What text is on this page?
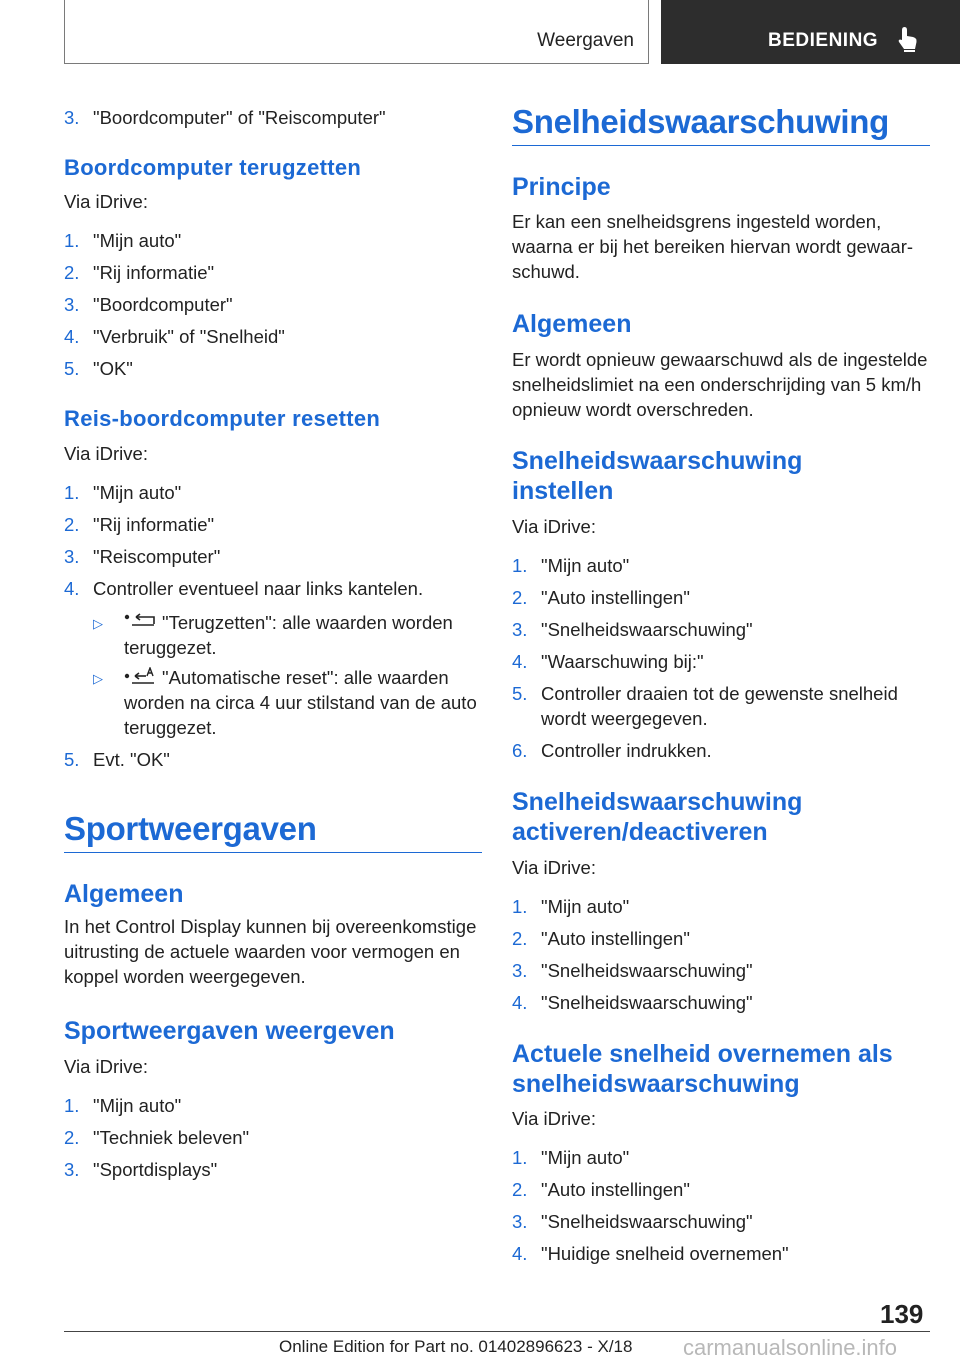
Weergaven	BEDIENING
3. "Boordcomputer" of "Reiscomputer"
Boordcomputer terugzetten
Via iDrive:
1. "Mijn auto"
2. "Rij informatie"
3. "Boordcomputer"
4. "Verbruik" of "Snelheid"
5. "OK"
Reis-boordcomputer resetten
Via iDrive:
1. "Mijn auto"
2. "Rij informatie"
3. "Reiscomputer"
4. Controller eventueel naar links kantelen.
▷	"Terugzetten": alle waarden worden teruggezet.
▷	"Automatische reset": alle waarden worden na circa 4 uur stilstand van de auto teruggezet.
5. Evt. "OK"
Sportweergaven
Algemeen
In het Control Display kunnen bij overeenkomstige uitrusting de actuele waarden voor vermogen en koppel worden weergegeven.
Sportweergaven weergeven
Via iDrive:
1. "Mijn auto"
2. "Techniek beleven"
3. "Sportdisplays"
Snelheidswaarschuwing
Principe
Er kan een snelheidsgrens ingesteld worden, waarna er bij het bereiken hiervan wordt gewaarschuwd.
Algemeen
Er wordt opnieuw gewaarschuwd als de ingestelde snelheidslimiet na een onderschrijding van 5 km/h opnieuw wordt overschreden.
Snelheidswaarschuwing
instellen
Via iDrive:
1. "Mijn auto"
2. "Auto instellingen"
3. "Snelheidswaarschuwing"
4. "Waarschuwing bij:"
5. Controller draaien tot de gewenste snelheid wordt weergegeven.
6. Controller indrukken.
Snelheidswaarschuwing
activeren/deactiveren
Via iDrive:
1. "Mijn auto"
2. "Auto instellingen"
3. "Snelheidswaarschuwing"
4. "Snelheidswaarschuwing"
Actuele snelheid overnemen als
snelheidswaarschuwing
Via iDrive:
1. "Mijn auto"
2. "Auto instellingen"
3. "Snelheidswaarschuwing"
4. "Huidige snelheid overnemen"
139
Online Edition for Part no. 01402896623 - X/18 carmanualsonline.info
